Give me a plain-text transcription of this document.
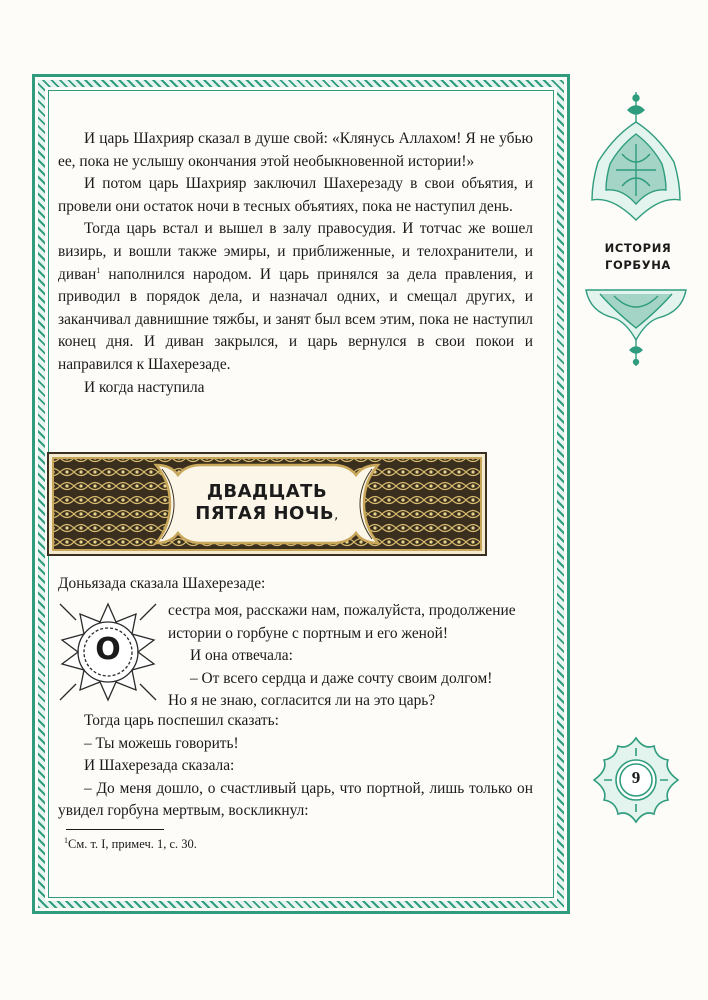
И царь Шахрияр сказал в душе свой: «Клянусь Аллахом! Я не убью ее, пока не услышу окончания этой необыкновенной истории!»

И потом царь Шахрияр заключил Шахерезаду в свои объятия, и провели они остаток ночи в тесных объятиях, пока не наступил день.

Тогда царь встал и вышел в залу правосудия. И тотчас же вошел визирь, и вошли также эмиры, и приближенные, и телохранители, и диван$^1$ наполнился народом. И царь принялся за дела правления, и приводил в порядок дела, и назначал одних, и смещал других, и заканчивал давнишние тяжбы, и занят был всем этим, пока не наступил конец дня. И диван закрылся, и царь вернулся в свои покои и направился к Шахерезаде.

И когда наступила

ДВАДЦАТЬ
ПЯТАЯ НОЧЬ,

Доньязада сказала Шахерезаде:

О

сестра моя, расскажи нам, пожалуйста, продолжение

истории о горбуне с портным и его женой!

И она отвечала:

– От всего сердца и даже сочту своим долгом!

Но я не знаю, согласится ли на это царь?

Тогда царь поспешил сказать:

– Ты можешь говорить!

И Шахерезада сказала:

– До меня дошло, о счастливый царь, что портной, лишь только он увидел горбуна мертвым, воскликнул:

$^1$См. т. I, примеч. 1, с. 30.
ИСТОРИЯ
ГОРБУНА
9
